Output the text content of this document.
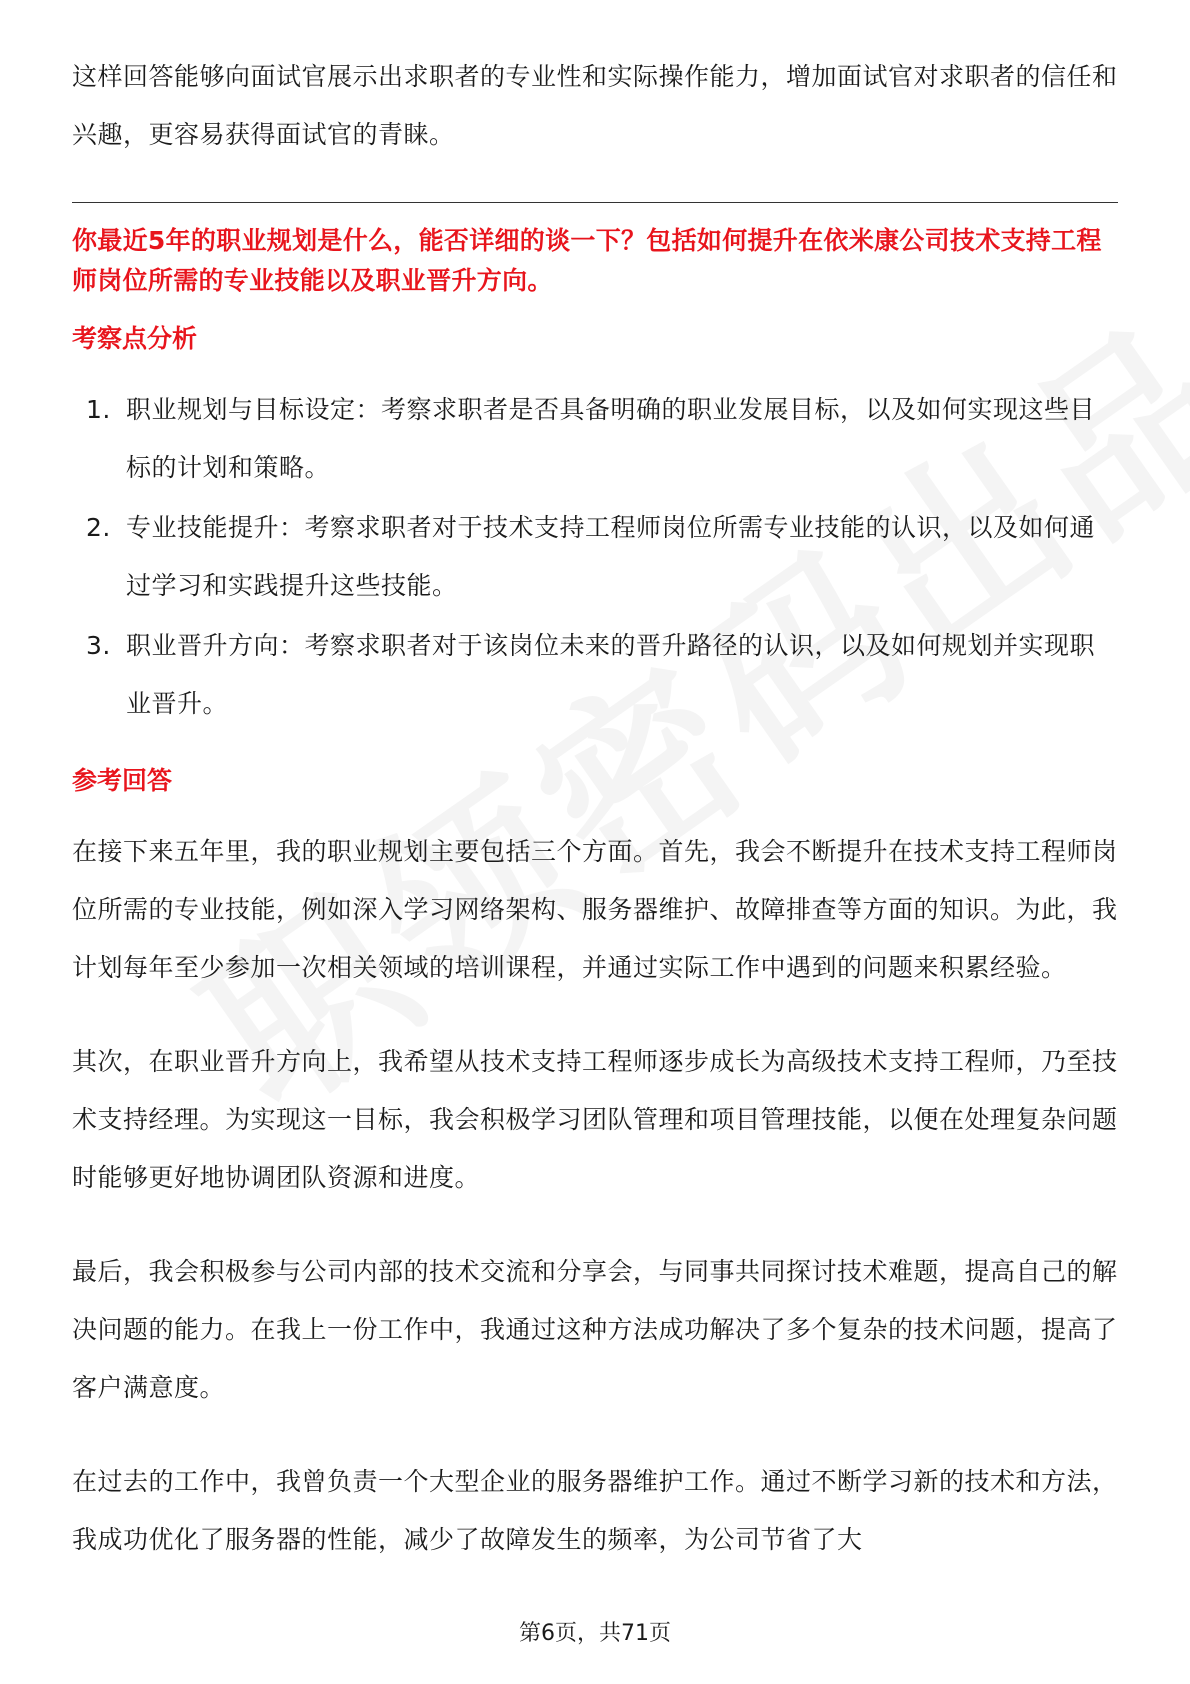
这样回答能够向面试官展示出求职者的专业性和实际操作能力，增加面试官对求职者的信任和兴趣，更容易获得面试官的青睐。

你最近5年的职业规划是什么，能否详细的谈一下？包括如何提升在依米康公司技术支持工程师岗位所需的专业技能以及职业晋升方向。

考察点分析
1. 职业规划与目标设定：考察求职者是否具备明确的职业发展目标，以及如何实现这些目标的计划和策略。
2. 专业技能提升：考察求职者对于技术支持工程师岗位所需专业技能的认识，以及如何通过学习和实践提升这些技能。
3. 职业晋升方向：考察求职者对于该岗位未来的晋升路径的认识，以及如何规划并实现职业晋升。
参考回答

在接下来五年里，我的职业规划主要包括三个方面。首先，我会不断提升在技术支持工程师岗位所需的专业技能，例如深入学习网络架构、服务器维护、故障排查等方面的知识。为此，我计划每年至少参加一次相关领域的培训课程，并通过实际工作中遇到的问题来积累经验。

其次，在职业晋升方向上，我希望从技术支持工程师逐步成长为高级技术支持工程师，乃至技术支持经理。为实现这一目标，我会积极学习团队管理和项目管理技能，以便在处理复杂问题时能够更好地协调团队资源和进度。

最后，我会积极参与公司内部的技术交流和分享会，与同事共同探讨技术难题，提高自己的解决问题的能力。在我上一份工作中，我通过这种方法成功解决了多个复杂的技术问题，提高了客户满意度。

在过去的工作中，我曾负责一个大型企业的服务器维护工作。通过不断学习新的技术和方法，我成功优化了服务器的性能，减少了故障发生的频率，为公司节省了大

第6页，共71页
